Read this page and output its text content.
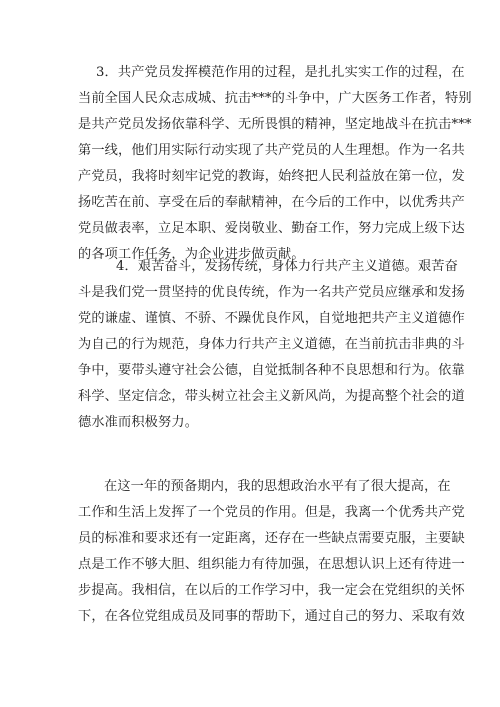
3．共产党员发挥模范作用的过程，是扎扎实实工作的过程，在
当前全国人民众志成城、抗击***的斗争中，广大医务工作者，特别
是共产党员发扬依靠科学、无所畏惧的精神，坚定地战斗在抗击***
第一线，他们用实际行动实现了共产党员的人生理想。作为一名共
产党员，我将时刻牢记党的教诲，始终把人民利益放在第一位，发
扬吃苦在前、享受在后的奉献精神，在今后的工作中，以优秀共产
党员做表率，立足本职、爱岗敬业、勤奋工作，努力完成上级下达
的各项工作任务，为企业进步做贡献。
4．艰苦奋斗，发扬传统，身体力行共产主义道德。艰苦奋
斗是我们党一贯坚持的优良传统，作为一名共产党员应继承和发扬
党的谦虚、谨慎、不骄、不躁优良作风，自觉地把共产主义道德作
为自己的行为规范，身体力行共产主义道德，在当前抗击非典的斗
争中，要带头遵守社会公德，自觉抵制各种不良思想和行为。依靠
科学、坚定信念，带头树立社会主义新风尚，为提高整个社会的道
德水准而积极努力。
在这一年的预备期内，我的思想政治水平有了很大提高，在
工作和生活上发挥了一个党员的作用。但是，我离一个优秀共产党
员的标准和要求还有一定距离，还存在一些缺点需要克服，主要缺
点是工作不够大胆、组织能力有待加强，在思想认识上还有待进一
步提高。我相信，在以后的工作学习中，我一定会在党组织的关怀
下，在各位党组成员及同事的帮助下，通过自己的努力、采取有效
